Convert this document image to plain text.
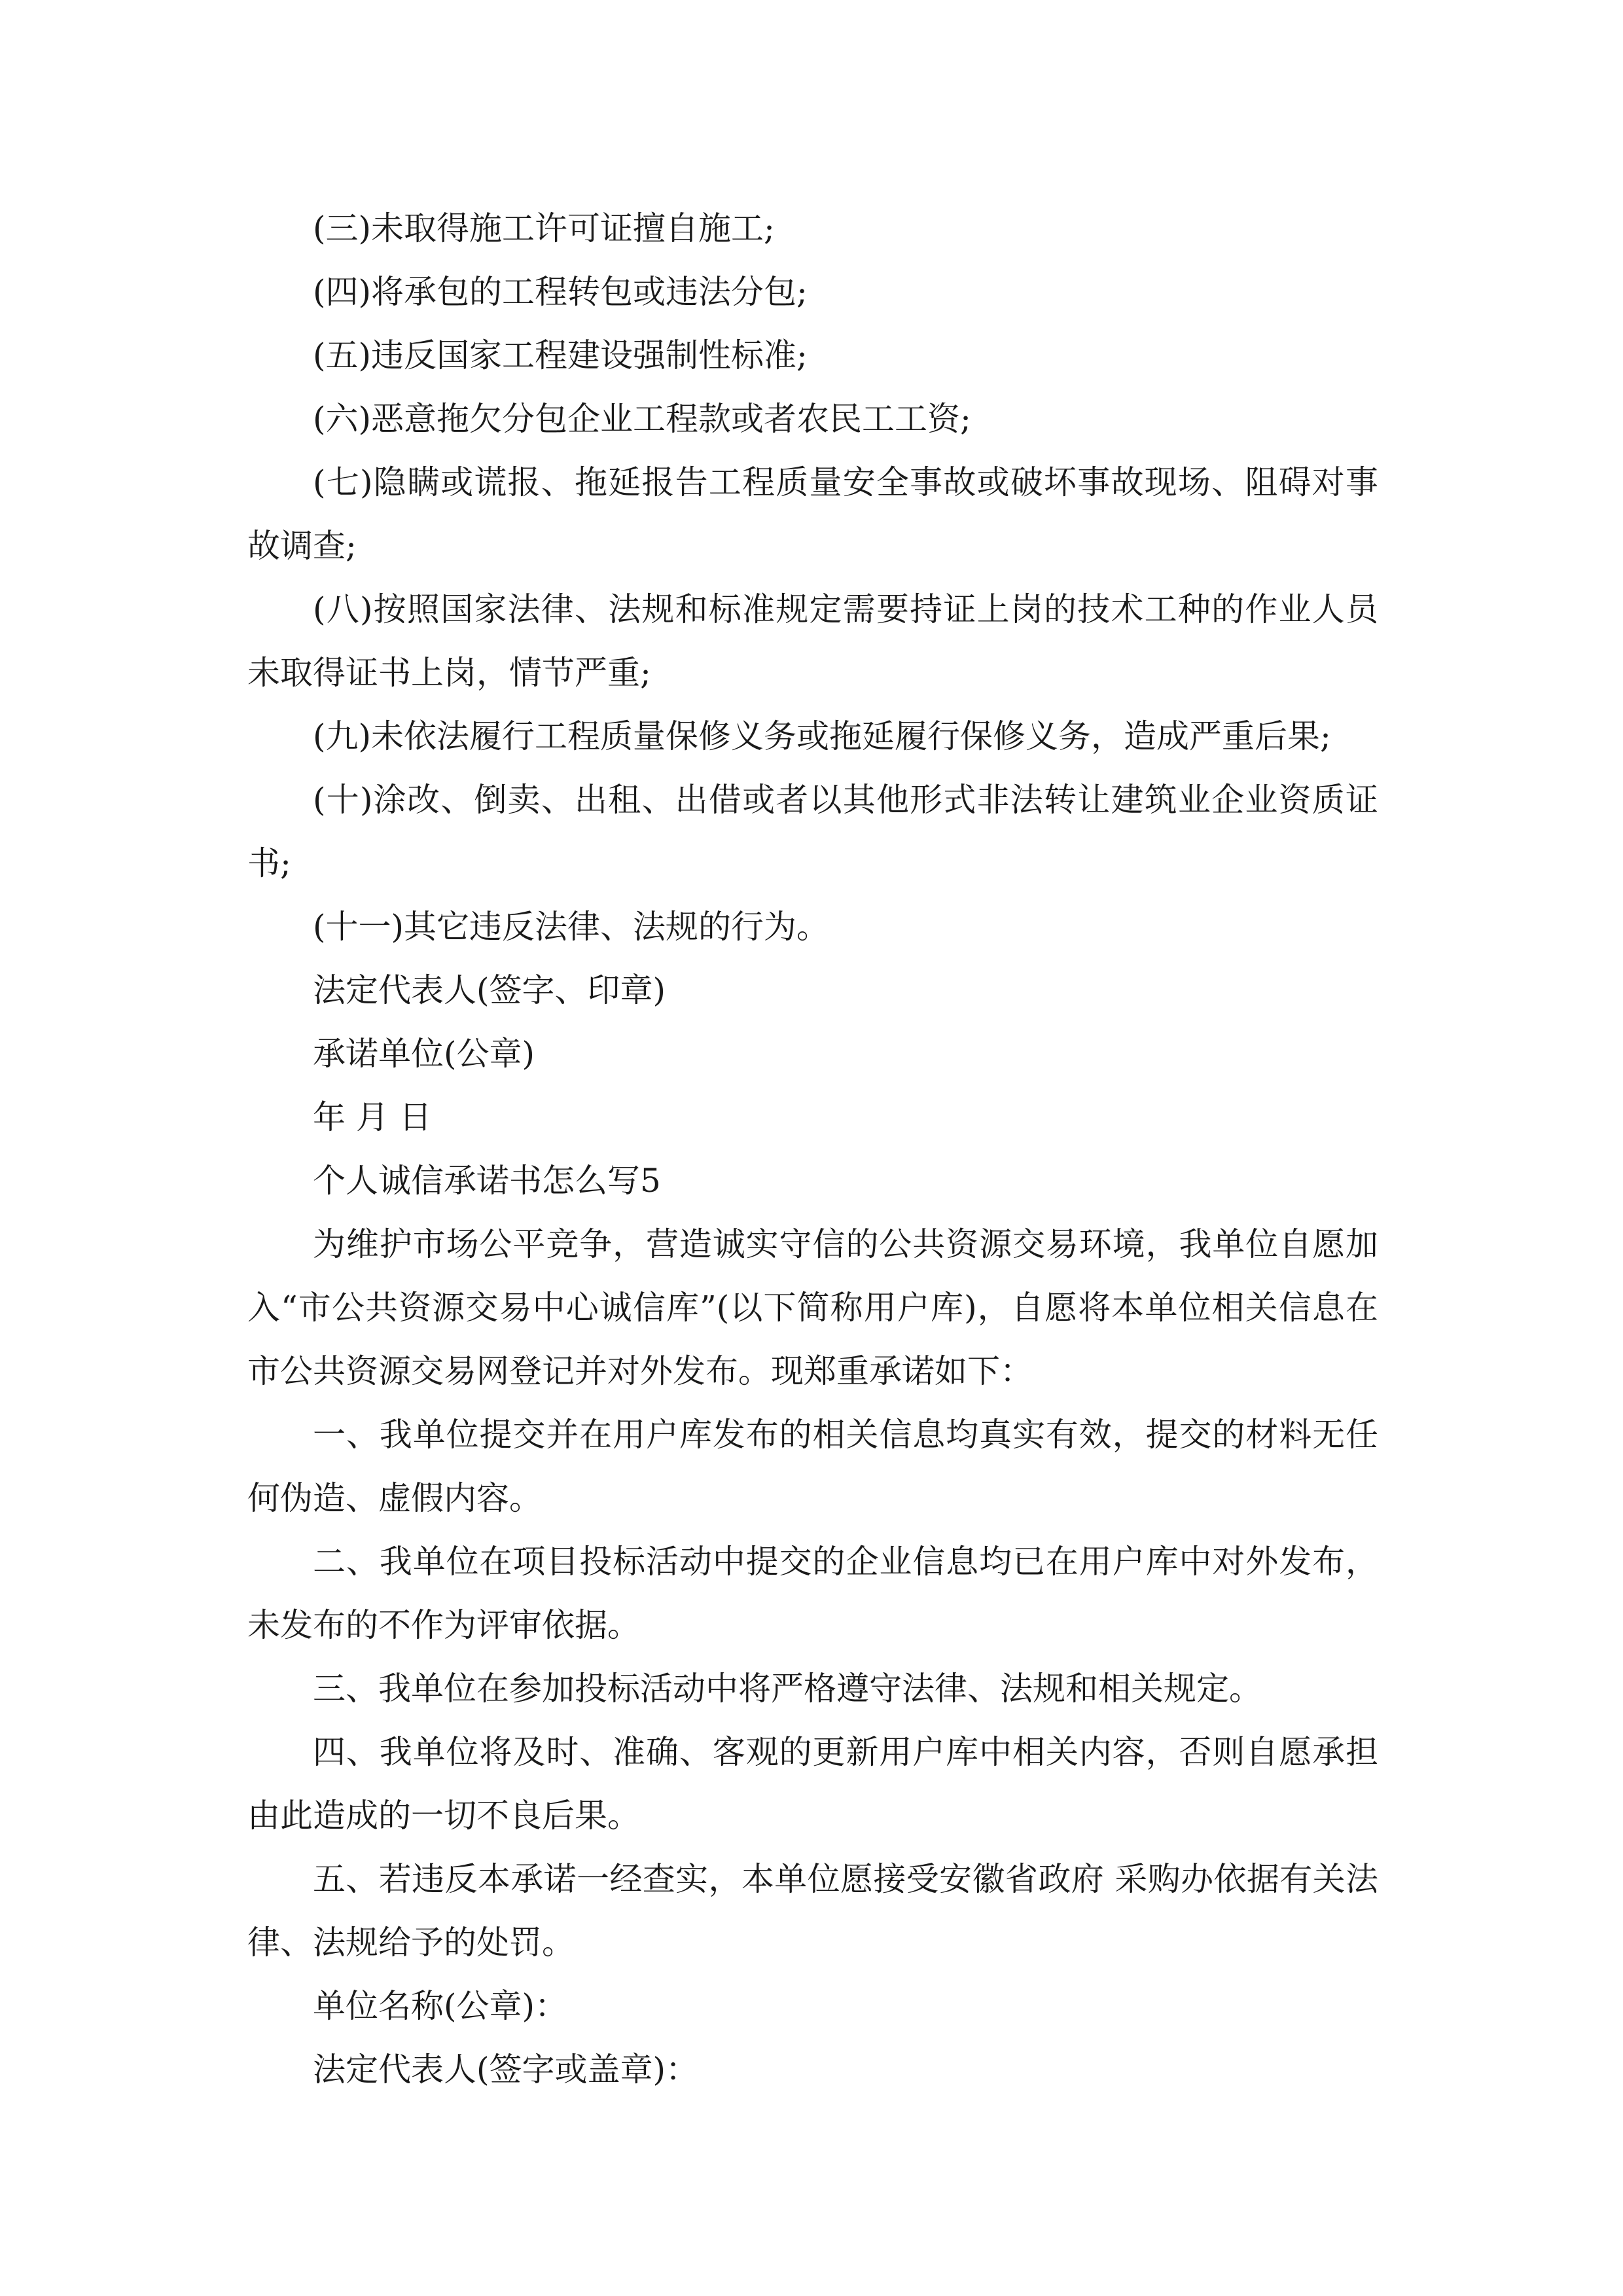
(三)未取得施工许可证擅自施工;

(四)将承包的工程转包或违法分包;

(五)违反国家工程建设强制性标准;

(六)恶意拖欠分包企业工程款或者农民工工资;

(七)隐瞒或谎报、拖延报告工程质量安全事故或破坏事故现场、阻碍对事故调查;

(八)按照国家法律、法规和标准规定需要持证上岗的技术工种的作业人员未取得证书上岗，情节严重;

(九)未依法履行工程质量保修义务或拖延履行保修义务，造成严重后果;

(十)涂改、倒卖、出租、出借或者以其他形式非法转让建筑业企业资质证书;

(十一)其它违反法律、法规的行为。

法定代表人(签字、印章)

承诺单位(公章)

年 月 日

个人诚信承诺书怎么写5

为维护市场公平竞争，营造诚实守信的公共资源交易环境，我单位自愿加入“市公共资源交易中心诚信库”(以下简称用户库)，自愿将本单位相关信息在市公共资源交易网登记并对外发布。现郑重承诺如下：

一、我单位提交并在用户库发布的相关信息均真实有效，提交的材料无任何伪造、虚假内容。

二、我单位在项目投标活动中提交的企业信息均已在用户库中对外发布，未发布的不作为评审依据。

三、我单位在参加投标活动中将严格遵守法律、法规和相关规定。

四、我单位将及时、准确、客观的更新用户库中相关内容，否则自愿承担由此造成的一切不良后果。

五、若违反本承诺一经查实，本单位愿接受安徽省政府 采购办依据有关法律、法规给予的处罚。

单位名称(公章)：

法定代表人(签字或盖章)：
